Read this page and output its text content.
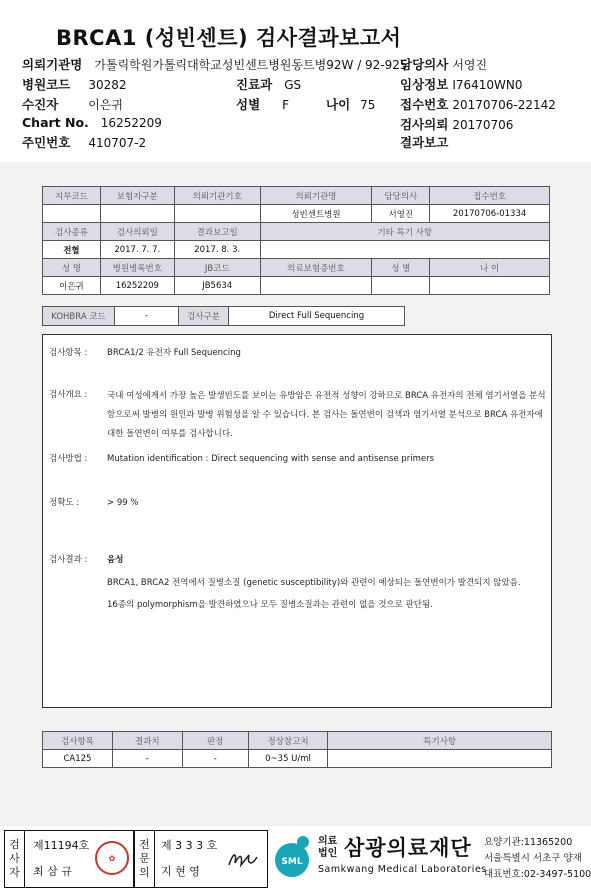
BRCA1 (성빈센트) 검사결과보고서
의뢰기관명 가톨릭학원가톨릭대학교성빈센트병원동트병92W / 92-925
병원코드 30282
수진자	이은귀
Chart No. 16252209
주민번호 410707-2
진료과 GS
성별 F	나이 75
담당의사 서영진
임상정보 I76410WN0
접수번호 20170706-22142
검사의뢰 20170706
결과보고
지부코드	보험자구분	의뢰기관기호	의뢰기관명	담당의사	접수번호
			성빈센트병원	서영진	20170706-01334
검사종류	검사의뢰일	결과보고일	기타 특기 사항		
전혈	2017. 7. 7.	2017. 8. 3.			
성 명	병원병록번호	JB코드	의료보험증번호	성 별	나 이
이은귀	16252209	JB5634			
KOHBRA 코드	-	검사구분	Direct Full Sequencing
검사항목 :	BRCA1/2 유전자 Full Sequencing
검사개요 :	국내 여성에게서 가장 높은 발생빈도를 보이는 유방암은 유전적 성향이 강하므로 BRCA 유전자의 전체 염기서열을 분석함으로써 발병의 원인과 발병 위험성을 알 수 있습니다. 본 검사는 돌연변이 검색과 염기서열 분석으로 BRCA 유전자에 대한 돌연변이 여부를 검사합니다.
검사방법 :	Mutation identification : Direct sequencing with sense and antisense primers
정확도 :	> 99 %
검사결과 :	음성
BRCA1, BRCA2 전역에서 질병소질 (genetic susceptibility)와 관련이 예상되는 돌연변이가 발견되지 않았음.
16종의 polymorphism을 발견하였으나 모두 질병소질과는 관련이 없을 것으로 판단됨.
검사항목	결과치	판정	정상참고치	특기사항
CA125	-	-	0~35 U/ml	
검사자
제11194호
최 삼 규
✿
전문의
제 3 3 3 호
지 현 영
SML
의료
법인 삼광의료재단
Samkwang Medical Laboratories
요양기관:11365200
서울특별시 서초구 양재
대표번호:02-3497-5100
